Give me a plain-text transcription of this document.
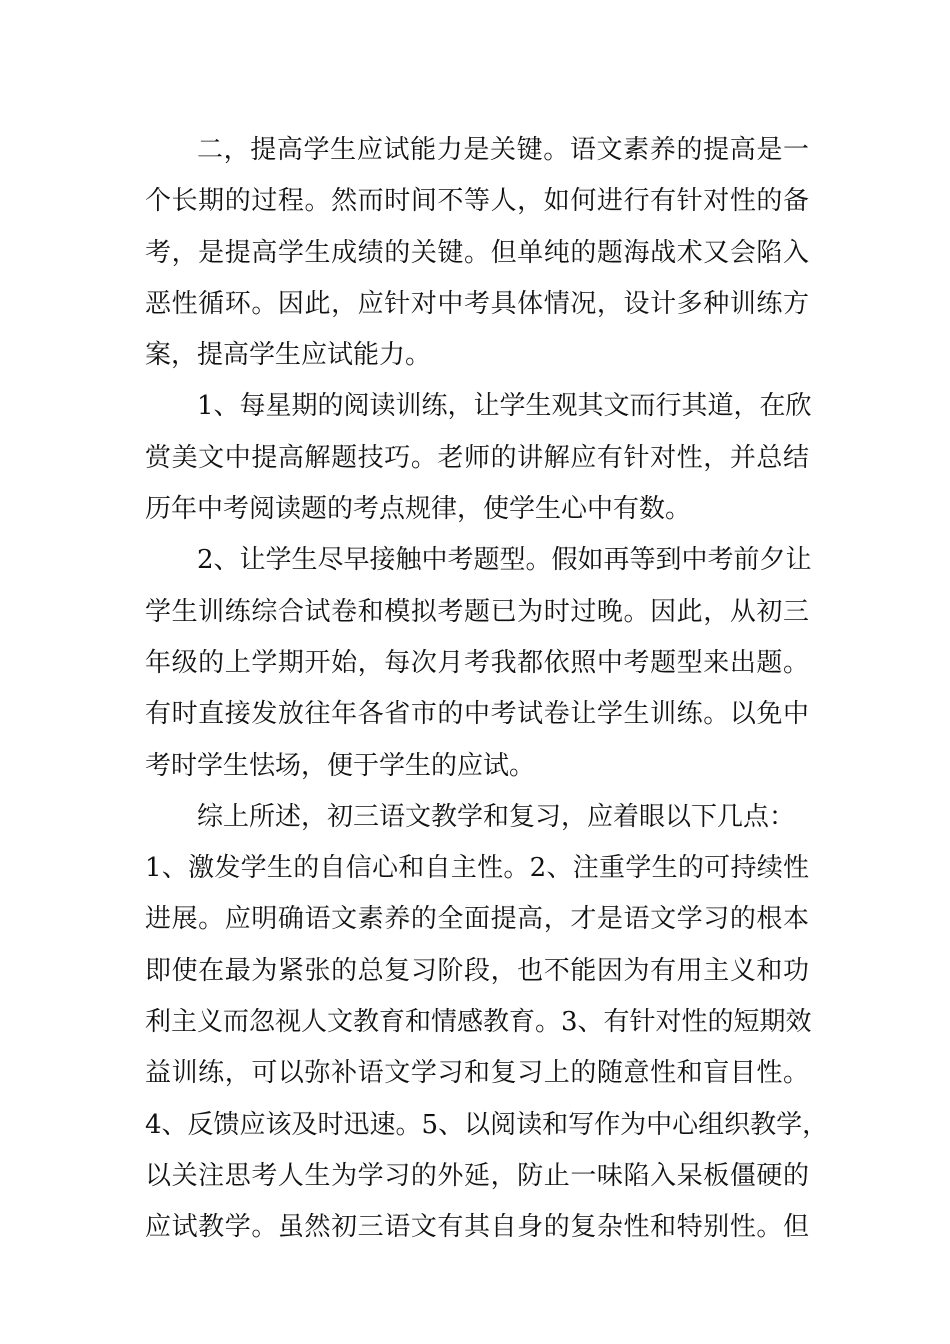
二，提高学生应试能力是关键。语文素养的提高是一
个长期的过程。然而时间不等人，如何进行有针对性的备
考，是提高学生成绩的关键。但单纯的题海战术又会陷入
恶性循环。因此，应针对中考具体情况，设计多种训练方
案，提高学生应试能力。
1、每星期的阅读训练，让学生观其文而行其道，在欣
赏美文中提高解题技巧。老师的讲解应有针对性，并总结
历年中考阅读题的考点规律，使学生心中有数。
2、让学生尽早接触中考题型。假如再等到中考前夕让
学生训练综合试卷和模拟考题已为时过晚。因此，从初三
年级的上学期开始，每次月考我都依照中考题型来出题。
有时直接发放往年各省市的中考试卷让学生训练。以免中
考时学生怯场，便于学生的应试。
综上所述，初三语文教学和复习，应着眼以下几点：
1、激发学生的自信心和自主性。2、注重学生的可持续性
进展。应明确语文素养的全面提高，才是语文学习的根本
即使在最为紧张的总复习阶段，也不能因为有用主义和功
利主义而忽视人文教育和情感教育。3、有针对性的短期效
益训练，可以弥补语文学习和复习上的随意性和盲目性。
4、反馈应该及时迅速。5、以阅读和写作为中心组织教学，
以关注思考人生为学习的外延，防止一味陷入呆板僵硬的
应试教学。虽然初三语文有其自身的复杂性和特别性。但
